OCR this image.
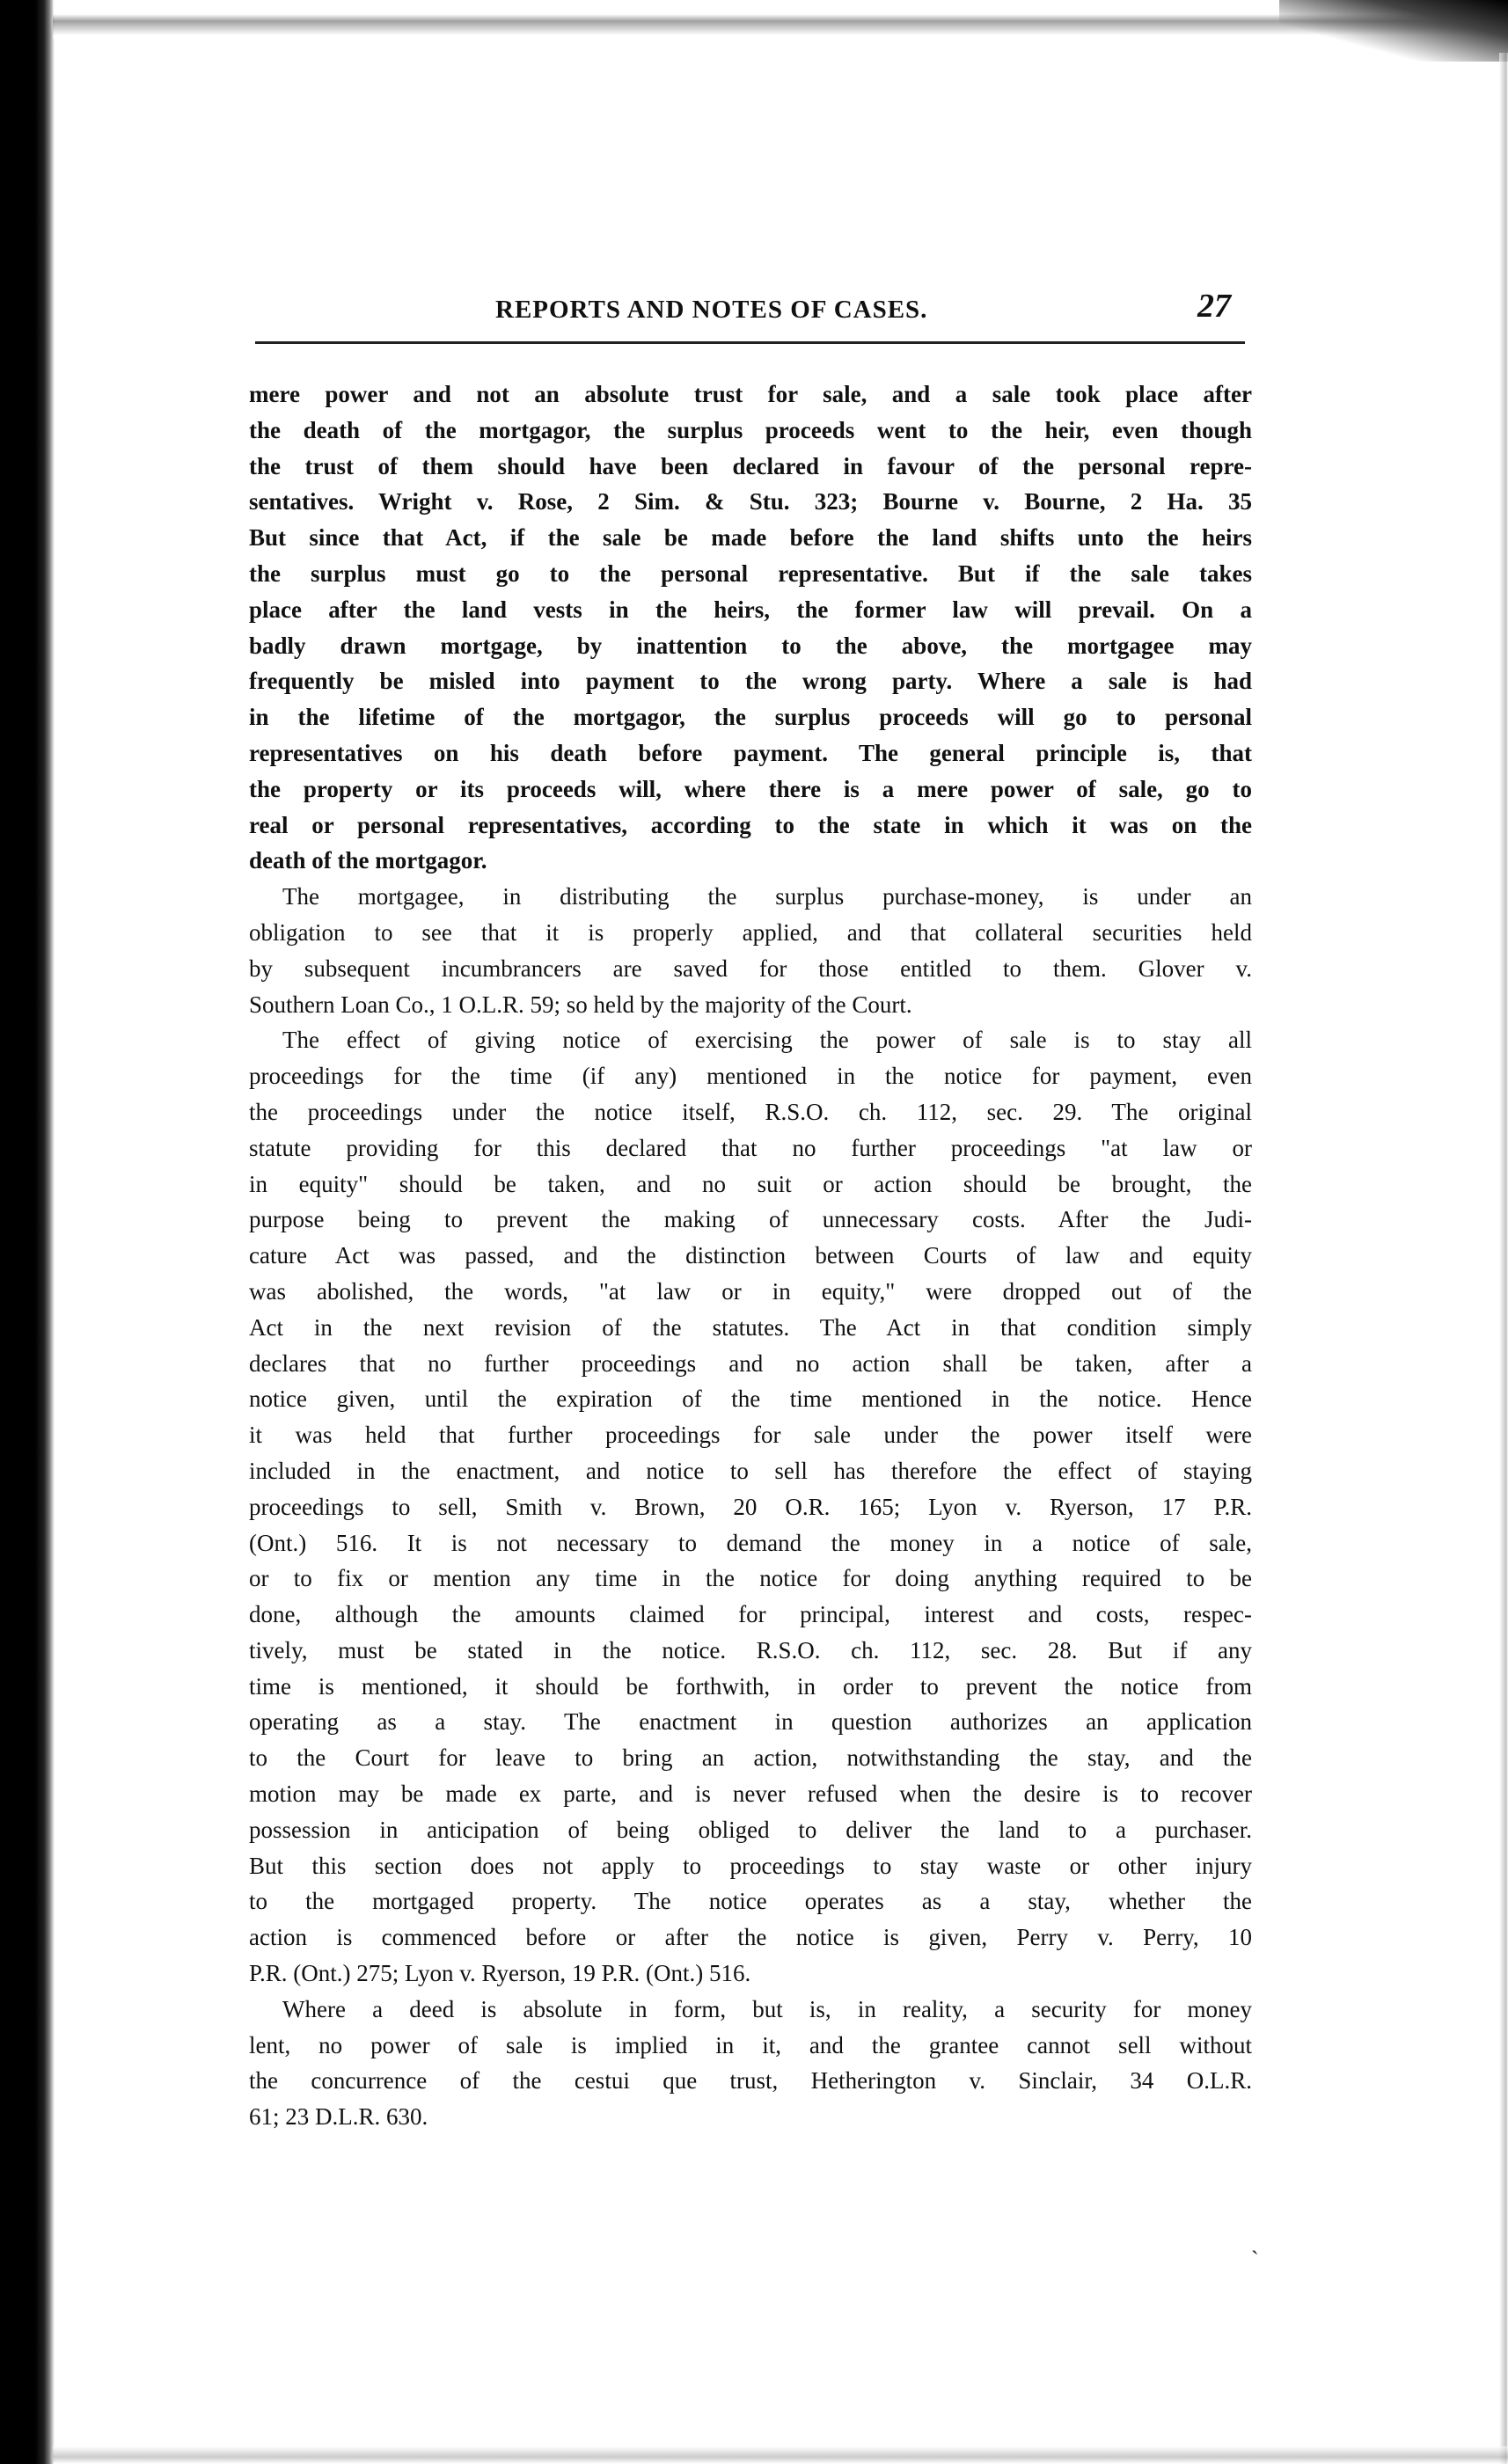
REPORTS AND NOTES OF CASES.	27

mere power and not an absolute trust for sale, and a sale took place after

the death of the mortgagor, the surplus proceeds went to the heir, even though

the trust of them should have been declared in favour of the personal repre-

sentatives. Wright v. Rose, 2 Sim. & Stu. 323; Bourne v. Bourne, 2 Ha. 35

But since that Act, if the sale be made before the land shifts unto the heirs

the surplus must go to the personal representative. But if the sale takes

place after the land vests in the heirs, the former law will prevail. On a

badly drawn mortgage, by inattention to the above, the mortgagee may

frequently be misled into payment to the wrong party. Where a sale is had

in the lifetime of the mortgagor, the surplus proceeds will go to personal

representatives on his death before payment. The general principle is, that

the property or its proceeds will, where there is a mere power of sale, go to

real or personal representatives, according to the state in which it was on the

death of the mortgagor.

The mortgagee, in distributing the surplus purchase-money, is under an

obligation to see that it is properly applied, and that collateral securities held

by subsequent incumbrancers are saved for those entitled to them. Glover v.

Southern Loan Co., 1 O.L.R. 59; so held by the majority of the Court.

The effect of giving notice of exercising the power of sale is to stay all

proceedings for the time (if any) mentioned in the notice for payment, even

the proceedings under the notice itself, R.S.O. ch. 112, sec. 29. The original

statute providing for this declared that no further proceedings "at law or

in equity" should be taken, and no suit or action should be brought, the

purpose being to prevent the making of unnecessary costs. After the Judi-

cature Act was passed, and the distinction between Courts of law and equity

was abolished, the words, "at law or in equity," were dropped out of the

Act in the next revision of the statutes. The Act in that condition simply

declares that no further proceedings and no action shall be taken, after a

notice given, until the expiration of the time mentioned in the notice. Hence

it was held that further proceedings for sale under the power itself were

included in the enactment, and notice to sell has therefore the effect of staying

proceedings to sell, Smith v. Brown, 20 O.R. 165; Lyon v. Ryerson, 17 P.R.

(Ont.) 516. It is not necessary to demand the money in a notice of sale,

or to fix or mention any time in the notice for doing anything required to be

done, although the amounts claimed for principal, interest and costs, respec-

tively, must be stated in the notice. R.S.O. ch. 112, sec. 28. But if any

time is mentioned, it should be forthwith, in order to prevent the notice from

operating as a stay. The enactment in question authorizes an application

to the Court for leave to bring an action, notwithstanding the stay, and the

motion may be made ex parte, and is never refused when the desire is to recover

possession in anticipation of being obliged to deliver the land to a purchaser.

But this section does not apply to proceedings to stay waste or other injury

to the mortgaged property. The notice operates as a stay, whether the

action is commenced before or after the notice is given, Perry v. Perry, 10

P.R. (Ont.) 275; Lyon v. Ryerson, 19 P.R. (Ont.) 516.

Where a deed is absolute in form, but is, in reality, a security for money

lent, no power of sale is implied in it, and the grantee cannot sell without

the concurrence of the cestui que trust, Hetherington v. Sinclair, 34 O.L.R.

61; 23 D.L.R. 630.

`
